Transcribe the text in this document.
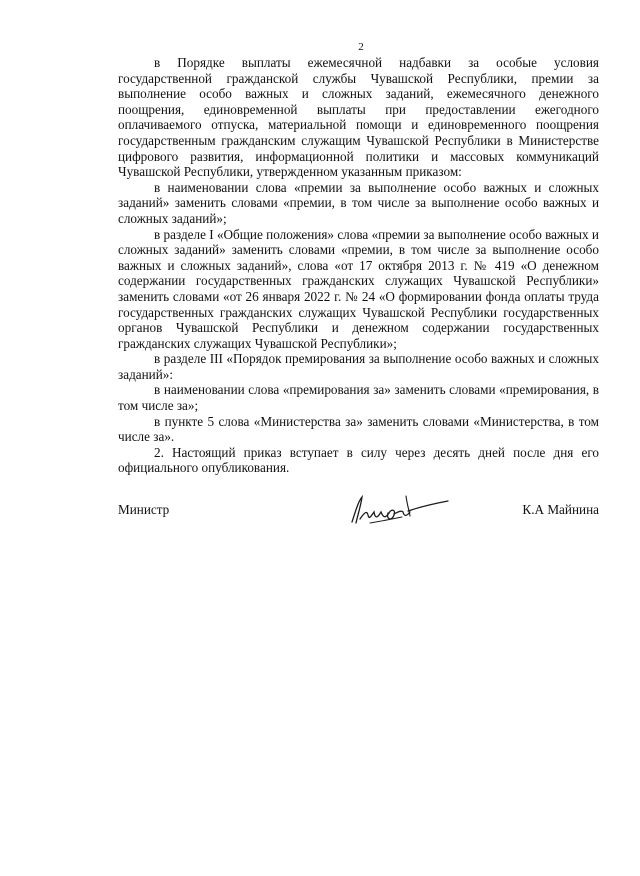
2

в Порядке выплаты ежемесячной надбавки за особые условия государственной гражданской службы Чувашской Республики, премии за выполнение особо важных и сложных заданий, ежемесячного денежного поощрения, единовременной выплаты при предоставлении ежегодного оплачиваемого отпуска, материальной помощи и единовременного поощрения государственным гражданским служащим Чувашской Республики в Министерстве цифрового развития, информационной политики и массовых коммуникаций Чувашской Республики, утвержденном указанным приказом:

в наименовании слова «премии за выполнение особо важных и сложных заданий» заменить словами «премии, в том числе за выполнение особо важных и сложных заданий»;

в разделе I «Общие положения» слова «премии за выполнение особо важных и сложных заданий» заменить словами «премии, в том числе за выполнение особо важных и сложных заданий», слова «от 17 октября 2013 г. № 419 «О денежном содержании государственных гражданских служащих Чувашской Республики» заменить словами «от 26 января 2022 г. № 24 «О формировании фонда оплаты труда государственных гражданских служащих Чувашской Республики государственных органов Чувашской Республики и денежном содержании государственных гражданских служащих Чувашской Республики»;

в разделе III «Порядок премирования за выполнение особо важных и сложных заданий»:

в наименовании слова «премирования за» заменить словами «премирования, в том числе за»;

в пункте 5 слова «Министерства за» заменить словами «Министерства, в том числе за».

2. Настоящий приказ вступает в силу через десять дней после дня его официального опубликования.

Министр	К.А Майнина
